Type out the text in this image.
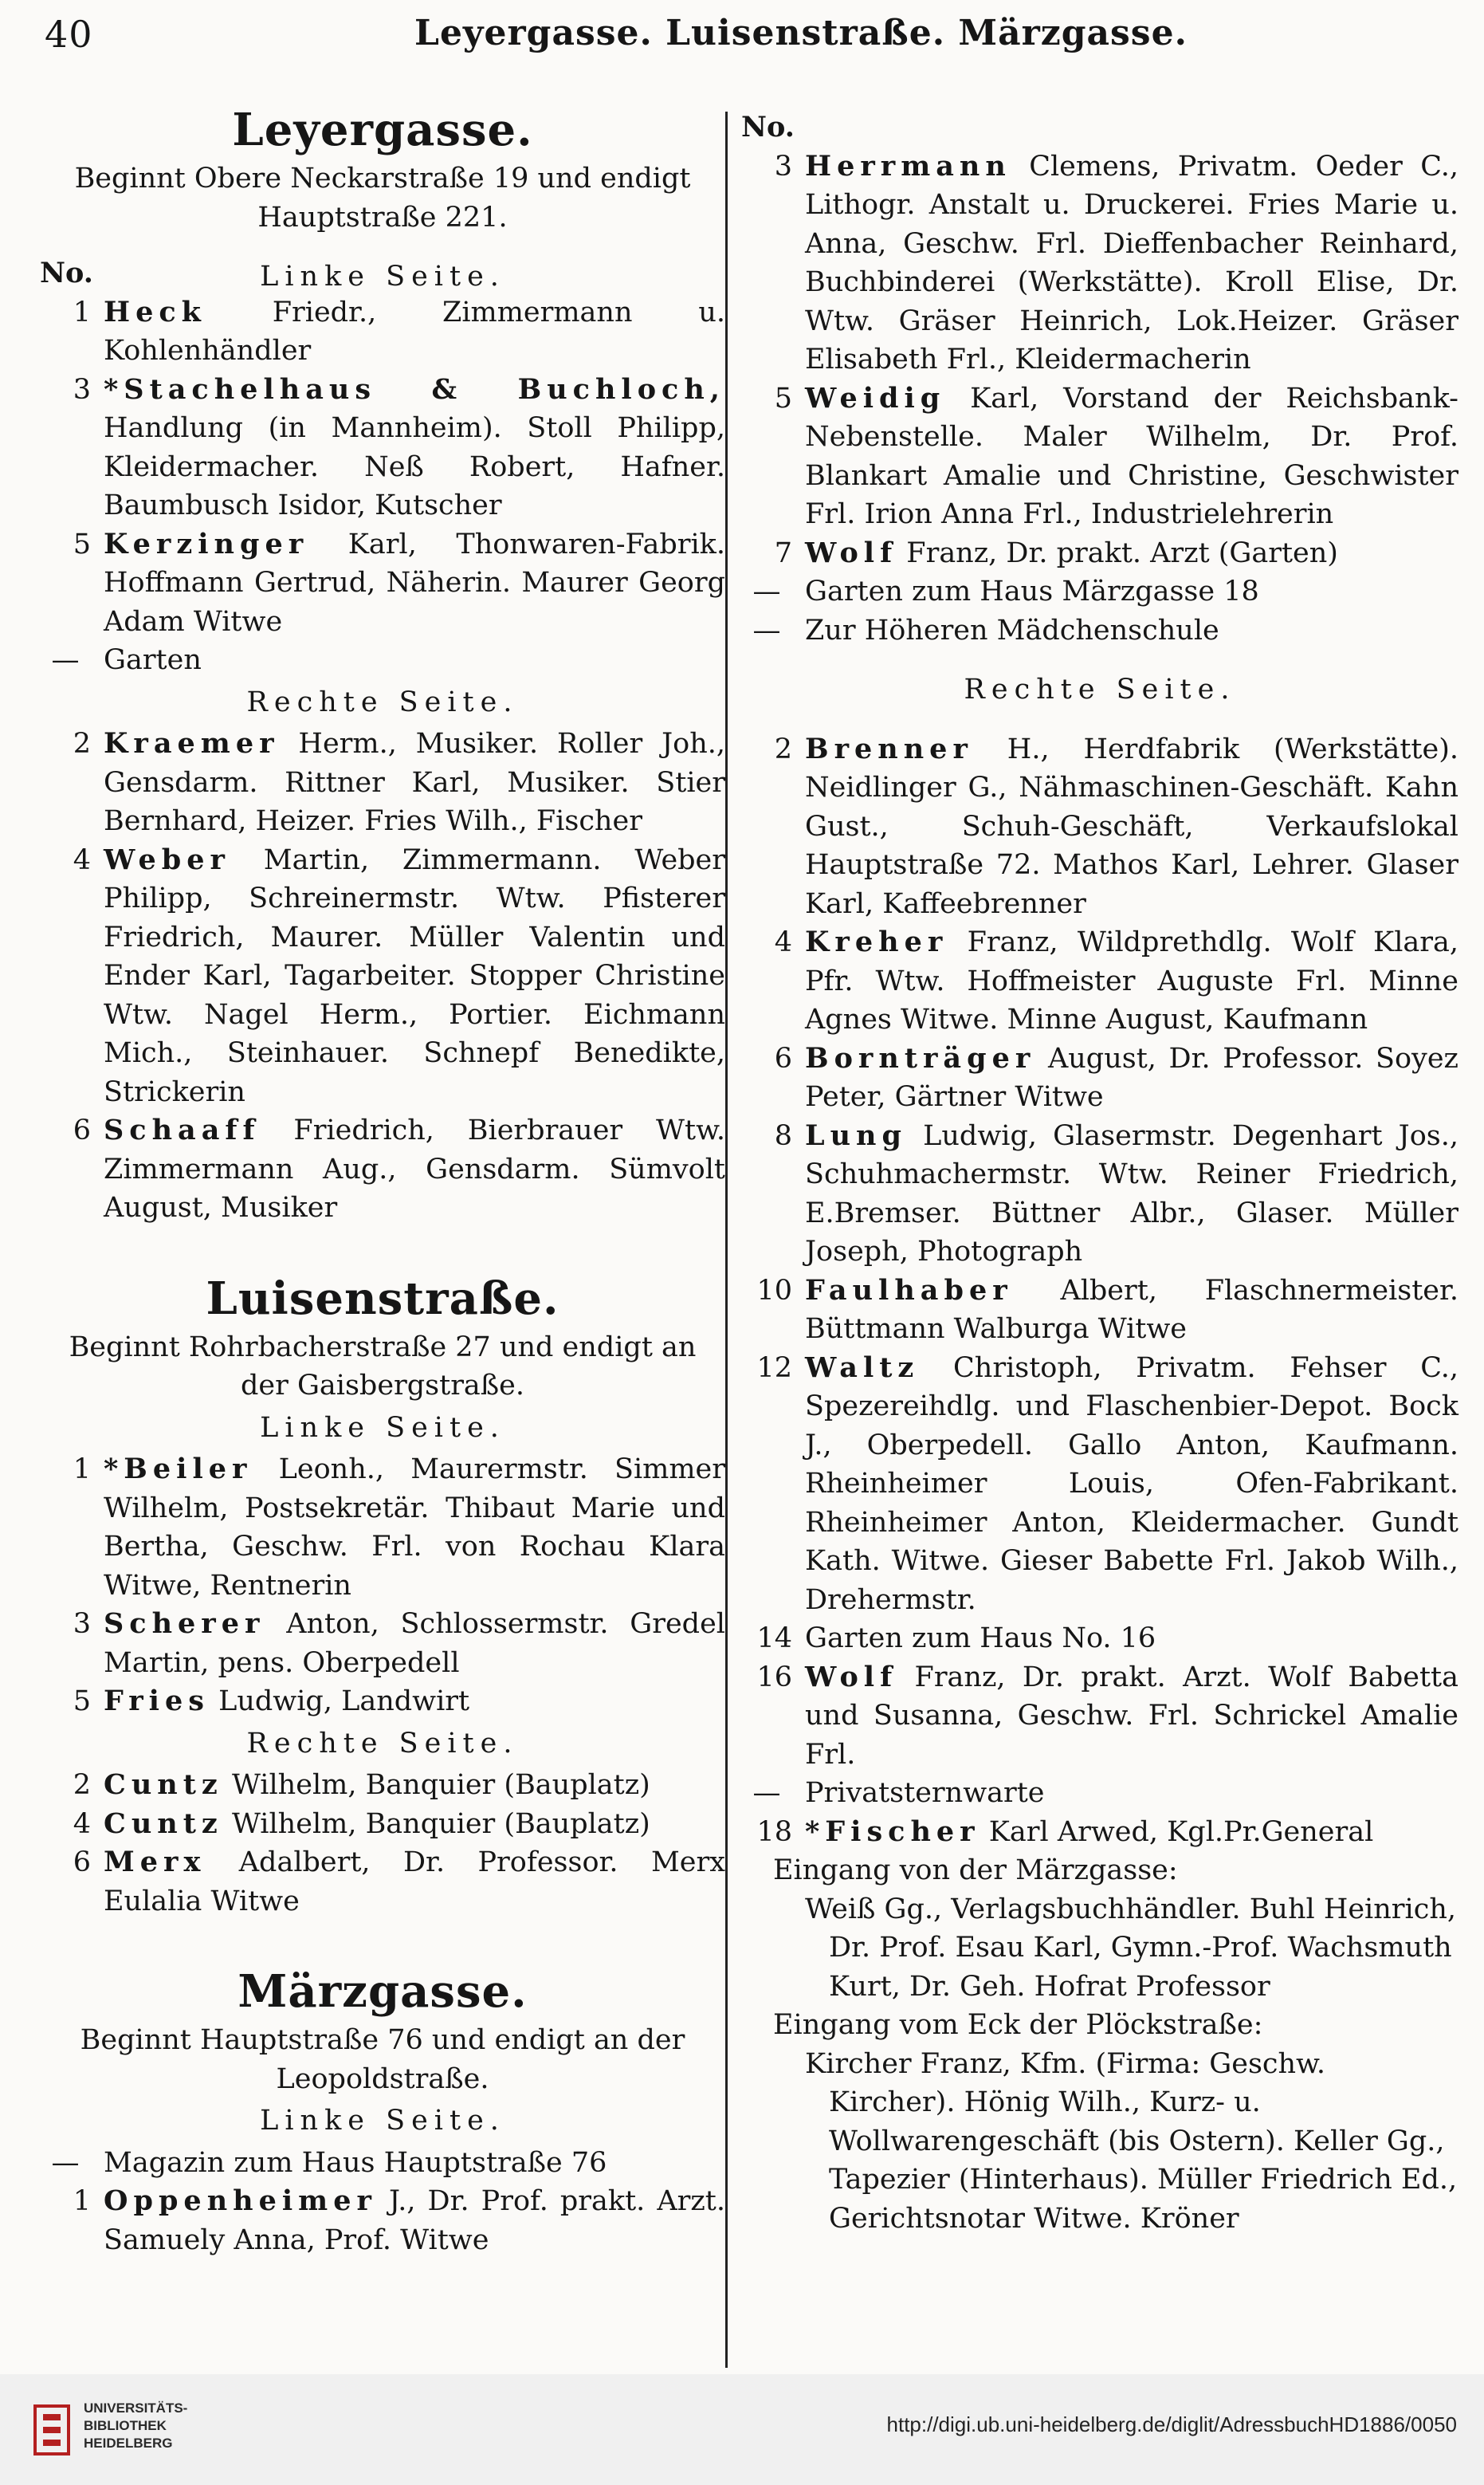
40	Leyergasse. Luisenstraße. Märzgasse.
Leyergasse.
Beginnt Obere Neckarstraße 19 und endigt Hauptstraße 221.
No.	Linke Seite.
1 Heck Friedr., Zimmermann u. Kohlenhändler
3 *Stachelhaus & Buchloch, Handlung (in Mannheim). Stoll Philipp, Kleidermacher. Neß Robert, Hafner. Baumbusch Isidor, Kutscher
5 Kerzinger Karl, Thonwaren-Fabrik. Hoffmann Gertrud, Näherin. Maurer Georg Adam Witwe
— Garten
Rechte Seite.
2 Kraemer Herm., Musiker. Roller Joh., Gensdarm. Rittner Karl, Musiker. Stier Bernhard, Heizer. Fries Wilh., Fischer
4 Weber Martin, Zimmermann. Weber Philipp, Schreinermstr. Wtw. Pfisterer Friedrich, Maurer. Müller Valentin und Ender Karl, Tagarbeiter. Stopper Christine Wtw. Nagel Herm., Portier. Eichmann Mich., Steinhauer. Schnepf Benedikte, Strickerin
6 Schaaff Friedrich, Bierbrauer Wtw. Zimmermann Aug., Gensdarm. Sümvolt August, Musiker
Luisenstraße.
Beginnt Rohrbacherstraße 27 und endigt an der Gaisbergstraße.
Linke Seite.
1 *Beiler Leonh., Maurermstr. Simmer Wilhelm, Postsekretär. Thibaut Marie und Bertha, Geschw. Frl. von Rochau Klara Witwe, Rentnerin
3 Scherer Anton, Schlossermstr. Gredel Martin, pens. Oberpedell
5 Fries Ludwig, Landwirt
Rechte Seite.
2 Cuntz Wilhelm, Banquier (Bauplatz)
4 Cuntz Wilhelm, Banquier (Bauplatz)
6 Merx Adalbert, Dr. Professor. Merx Eulalia Witwe
Märzgasse.
Beginnt Hauptstraße 76 und endigt an der Leopoldstraße.
Linke Seite.
— Magazin zum Haus Hauptstraße 76
1 Oppenheimer J., Dr. Prof. prakt. Arzt. Samuely Anna, Prof. Witwe
No.
3 Herrmann Clemens, Privatm. Oeder C., Lithogr. Anstalt u. Druckerei. Fries Marie u. Anna, Geschw. Frl. Dieffenbacher Reinhard, Buchbinderei (Werkstätte). Kroll Elise, Dr. Wtw. Gräser Heinrich, Lok.Heizer. Gräser Elisabeth Frl., Kleidermacherin
5 Weidig Karl, Vorstand der Reichsbank-Nebenstelle. Maler Wilhelm, Dr. Prof. Blankart Amalie und Christine, Geschwister Frl. Irion Anna Frl., Industrielehrerin
7 Wolf Franz, Dr. prakt. Arzt (Garten)
— Garten zum Haus Märzgasse 18
— Zur Höheren Mädchenschule
Rechte Seite.
2 Brenner H., Herdfabrik (Werkstätte). Neidlinger G., Nähmaschinen-Geschäft. Kahn Gust., Schuh-Geschäft, Verkaufslokal Hauptstraße 72. Mathos Karl, Lehrer. Glaser Karl, Kaffeebrenner
4 Kreher Franz, Wildprethdlg. Wolf Klara, Pfr. Wtw. Hoffmeister Auguste Frl. Minne Agnes Witwe. Minne August, Kaufmann
6 Bornträger August, Dr. Professor. Soyez Peter, Gärtner Witwe
8 Lung Ludwig, Glasermstr. Degenhart Jos., Schuhmachermstr. Wtw. Reiner Friedrich, E.Bremser. Büttner Albr., Glaser. Müller Joseph, Photograph
10 Faulhaber Albert, Flaschnermeister. Büttmann Walburga Witwe
12 Waltz Christoph, Privatm. Fehser C., Spezereihdlg. und Flaschenbier-Depot. Bock J., Oberpedell. Gallo Anton, Kaufmann. Rheinheimer Louis, Ofen-Fabrikant. Rheinheimer Anton, Kleidermacher. Gundt Kath. Witwe. Gieser Babette Frl. Jakob Wilh., Drehermstr.
14 Garten zum Haus No. 16
16 Wolf Franz, Dr. prakt. Arzt. Wolf Babetta und Susanna, Geschw. Frl. Schrickel Amalie Frl.
— Privatsternwarte
18 *Fischer Karl Arwed, Kgl.Pr.General
Eingang von der Märzgasse:
Weiß Gg., Verlagsbuchhändler. Buhl Heinrich, Dr. Prof. Esau Karl, Gymn.-Prof. Wachsmuth Kurt, Dr. Geh. Hofrat Professor
Eingang vom Eck der Plöckstraße:
Kircher Franz, Kfm. (Firma: Geschw. Kircher). Hönig Wilh., Kurz- u. Wollwarengeschäft (bis Ostern). Keller Gg., Tapezier (Hinterhaus). Müller Friedrich Ed., Gerichtsnotar Witwe. Kröner
UNIVERSITÄTS-
BIBLIOTHEK
HEIDELBERG
http://digi.ub.uni-heidelberg.de/diglit/AdressbuchHD1886/0050
